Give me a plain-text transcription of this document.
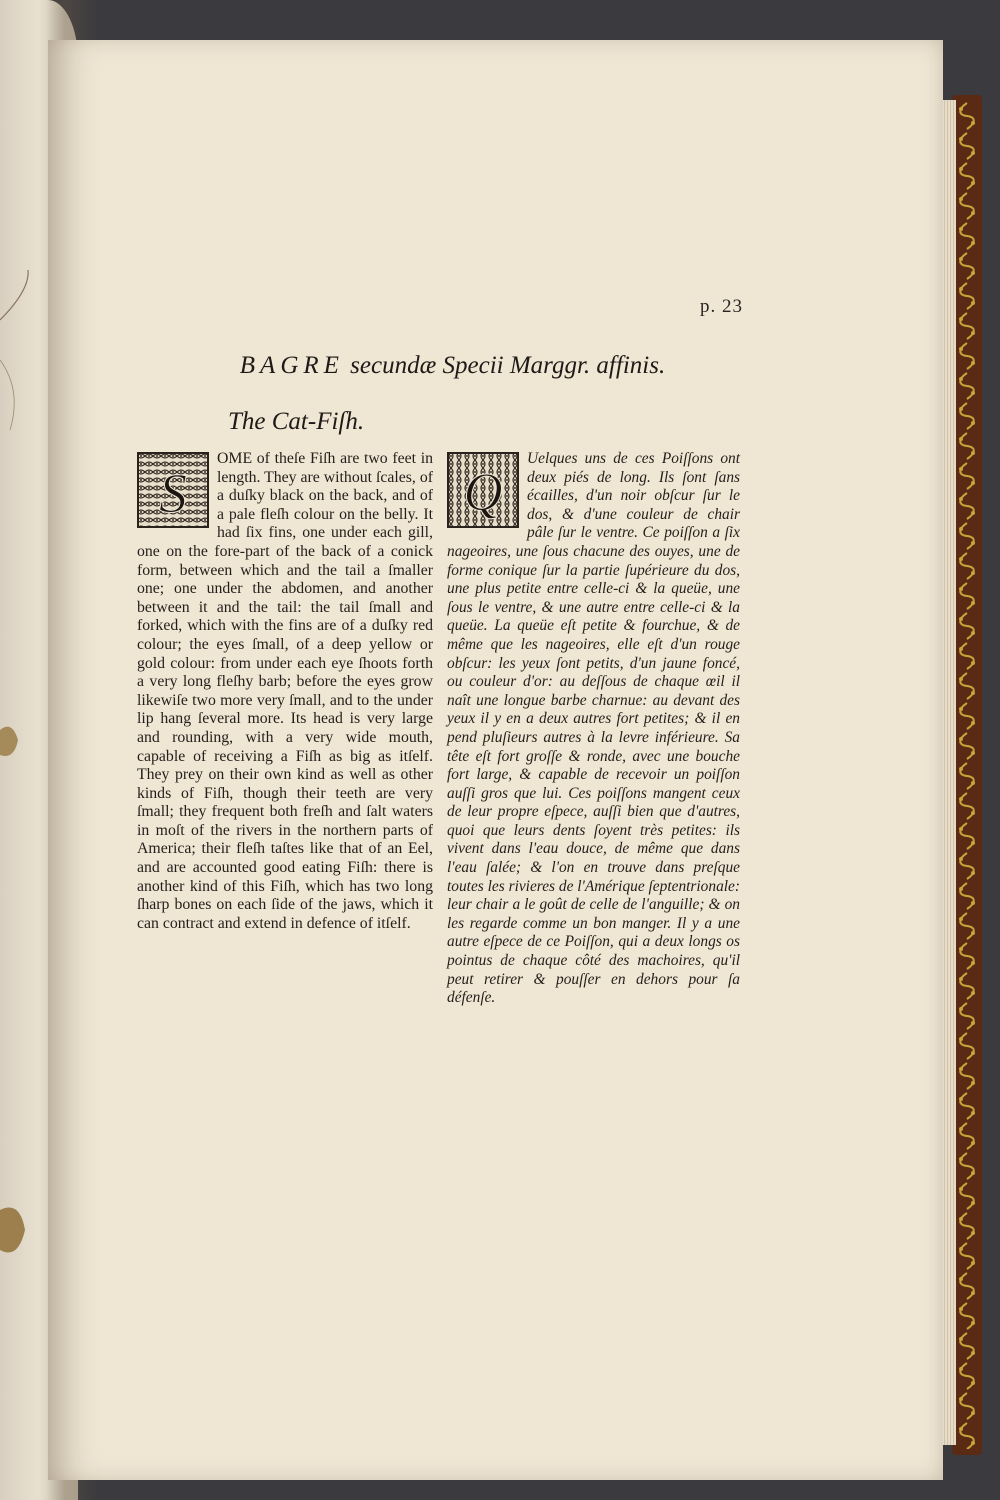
p. 23
BAGRE secundæ Specii Marggr. affinis.
The Cat-Fiſh.
S

OME of theſe Fiſh are two feet in length. They are without ſcales, of a duſky black on the back, and of a pale fleſh colour on the belly. It had ſix fins, one under each gill, one on the fore-part of the back of a conick form, between which and the tail a ſmaller one; one under the abdomen, and another between it and the tail: the tail ſmall and forked, which with the fins are of a duſky red colour; the eyes ſmall, of a deep yellow or gold colour: from under each eye ſhoots forth a very long fleſhy barb; before the eyes grow likewiſe two more very ſmall, and to the under lip hang ſeveral more. Its head is very large and rounding, with a very wide mouth, capable of receiving a Fiſh as big as itſelf. They prey on their own kind as well as other kinds of Fiſh, though their teeth are very ſmall; they frequent both freſh and ſalt waters in moſt of the rivers in the northern parts of America; their fleſh taſtes like that of an Eel, and are accounted good eating Fiſh: there is another kind of this Fiſh, which has two long ſharp bones on each ſide of the jaws, which it can contract and extend in defence of itſelf.

Q

Uelques uns de ces Poiſſons ont deux piés de long. Ils ſont ſans écailles, d'un noir obſcur ſur le dos, & d'une couleur de chair pâle ſur le ventre. Ce poiſſon a ſix nageoires, une ſous chacune des ouyes, une de forme conique ſur la partie ſupérieure du dos, une plus petite entre celle-ci & la queüe, une ſous le ventre, & une autre entre celle-ci & la queüe. La queüe eſt petite & fourchue, & de même que les nageoires, elle eſt d'un rouge obſcur: les yeux ſont petits, d'un jaune foncé, ou couleur d'or: au deſſous de chaque œil il naît une longue barbe charnue: au devant des yeux il y en a deux autres fort petites; & il en pend pluſieurs autres à la levre inférieure. Sa tête eſt fort groſſe & ronde, avec une bouche fort large, & capable de recevoir un poiſſon auſſi gros que lui. Ces poiſſons mangent ceux de leur propre eſpece, auſſi bien que d'autres, quoi que leurs dents ſoyent très petites: ils vivent dans l'eau douce, de même que dans l'eau ſalée; & l'on en trouve dans preſque toutes les rivieres de l'Amérique ſeptentrionale: leur chair a le goût de celle de l'anguille; & on les regarde comme un bon manger. Il y a une autre eſpece de ce Poiſſon, qui a deux longs os pointus de chaque côté des machoires, qu'il peut retirer & pouſſer en dehors pour ſa défenſe.
